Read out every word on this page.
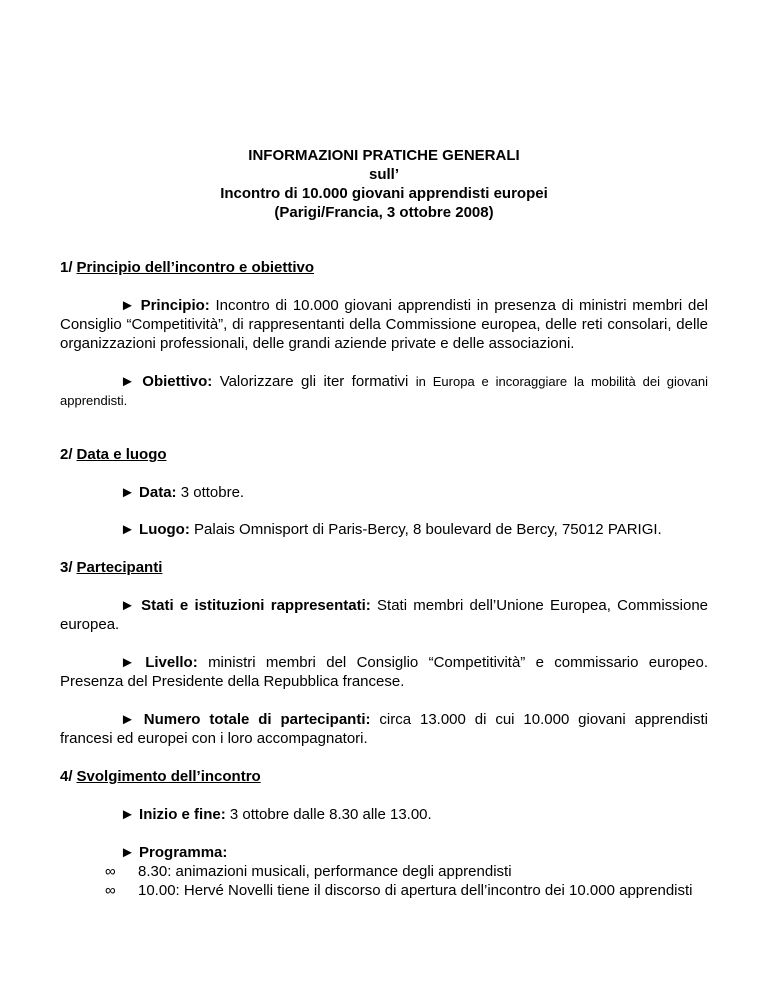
INFORMAZIONI PRATICHE GENERALI
sull’
Incontro di 10.000 giovani apprendisti europei
(Parigi/Francia, 3 ottobre 2008)
1/ Principio dell’incontro e obiettivo
► Principio: Incontro di 10.000 giovani apprendisti in presenza di ministri membri del Consiglio “Competitività”, di rappresentanti della Commissione europea, delle reti consolari, delle organizzazioni professionali, delle grandi aziende private e delle associazioni.
► Obiettivo: Valorizzare gli iter formativi in Europa e incoraggiare la mobilità dei giovani apprendisti.
2/ Data e luogo
► Data: 3 ottobre.
► Luogo: Palais Omnisport di Paris-Bercy, 8 boulevard de Bercy, 75012 PARIGI.
3/ Partecipanti
► Stati e istituzioni rappresentati: Stati membri dell’Unione Europea, Commissione europea.
► Livello: ministri membri del Consiglio “Competitività” e commissario europeo. Presenza del Presidente della Repubblica francese.
► Numero totale di partecipanti: circa 13.000 di cui 10.000 giovani apprendisti francesi ed europei con i loro accompagnatori.
4/ Svolgimento dell’incontro
► Inizio e fine: 3 ottobre dalle 8.30 alle 13.00.
► Programma:
∞	8.30: animazioni musicali, performance degli apprendisti
∞	10.00: Hervé Novelli tiene il discorso di apertura dell’incontro dei 10.000 apprendisti
